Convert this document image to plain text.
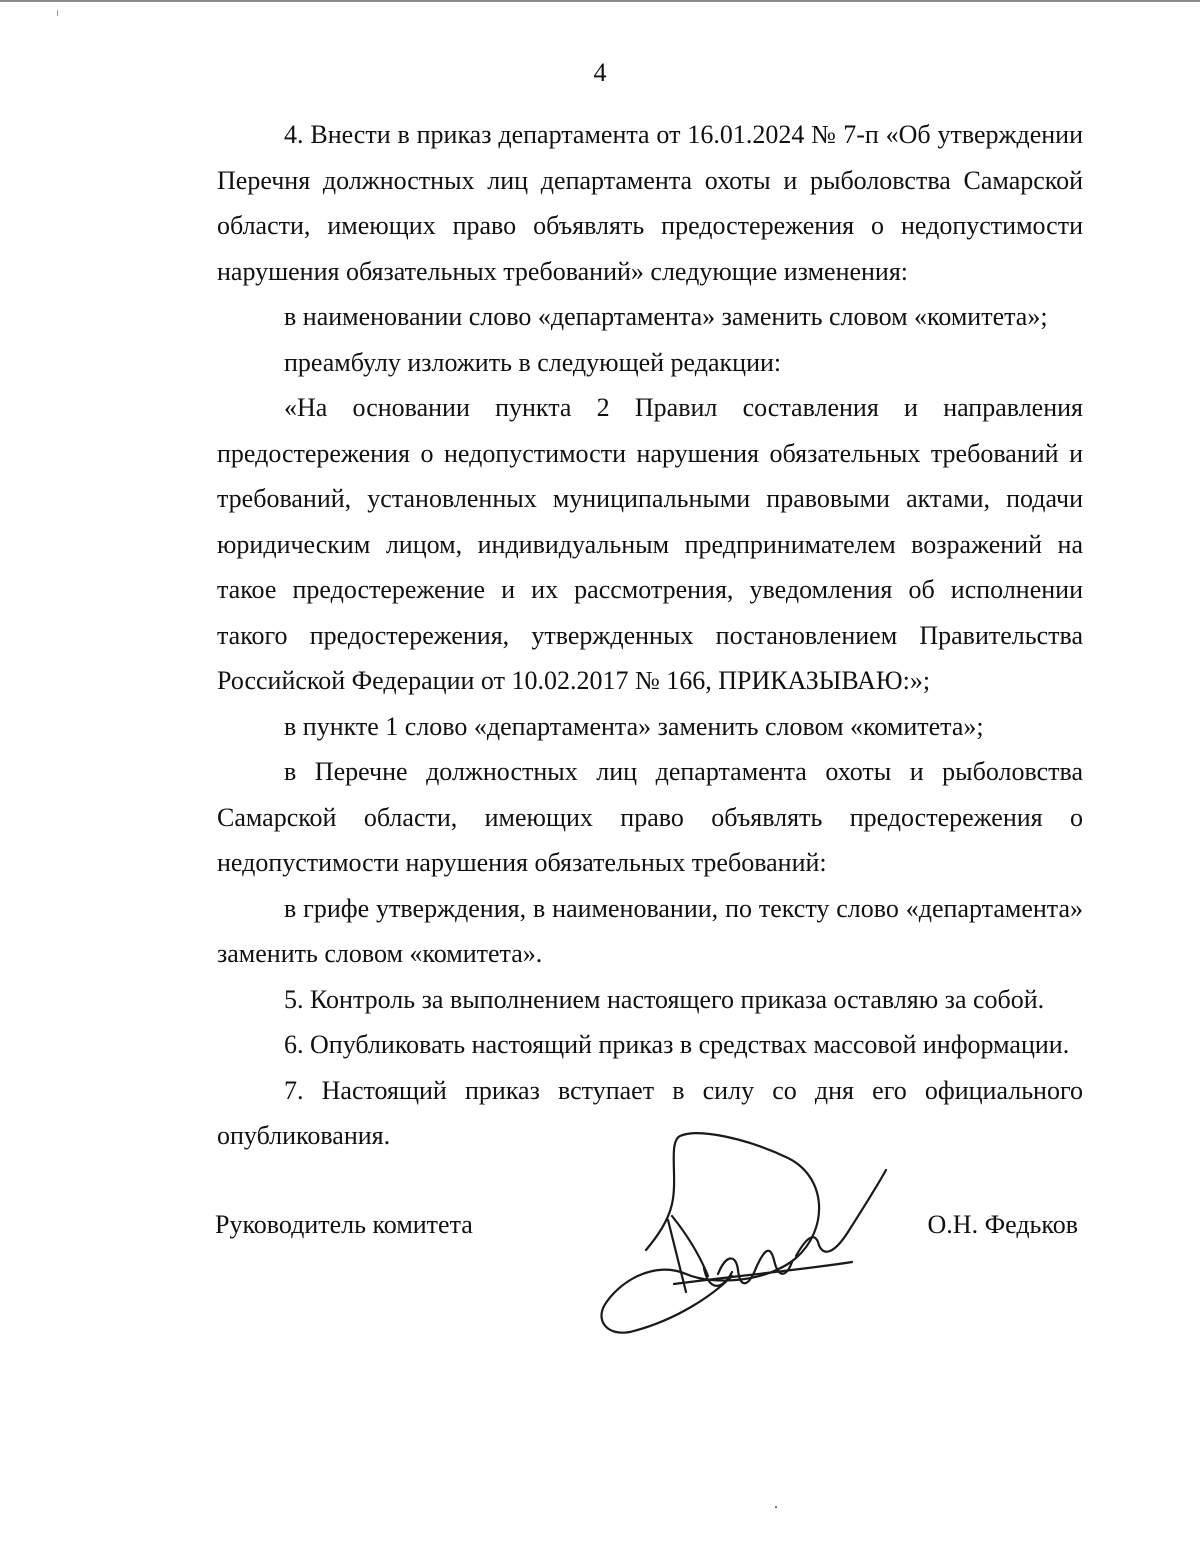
4

4. Внести в приказ департамента от 16.01.2024 № 7-п «Об утверждении Перечня должностных лиц департамента охоты и рыболовства Самарской области, имеющих право объявлять предостережения о недопустимости нарушения обязательных требований» следующие изменения:

в наименовании слово «департамента» заменить словом «комитета»;

преамбулу изложить в следующей редакции:

«На основании пункта 2 Правил составления и направления предостережения о недопустимости нарушения обязательных требований и требований, установленных муниципальными правовыми актами, подачи юридическим лицом, индивидуальным предпринимателем возражений на такое предостережение и их рассмотрения, уведомления об исполнении такого предостережения, утвержденных постановлением Правительства Российской Федерации от 10.02.2017 № 166, ПРИКАЗЫВАЮ:»;

в пункте 1 слово «департамента» заменить словом «комитета»;

в Перечне должностных лиц департамента охоты и рыболовства Самарской области, имеющих право объявлять предостережения о недопустимости нарушения обязательных требований:

в грифе утверждения, в наименовании, по тексту слово «департамента» заменить словом «комитета».

5. Контроль за выполнением настоящего приказа оставляю за собой.

6. Опубликовать настоящий приказ в средствах массовой информации.

7. Настоящий приказ вступает в силу со дня его официального опубликования.

Руководитель комитета	О.Н. Федьков
